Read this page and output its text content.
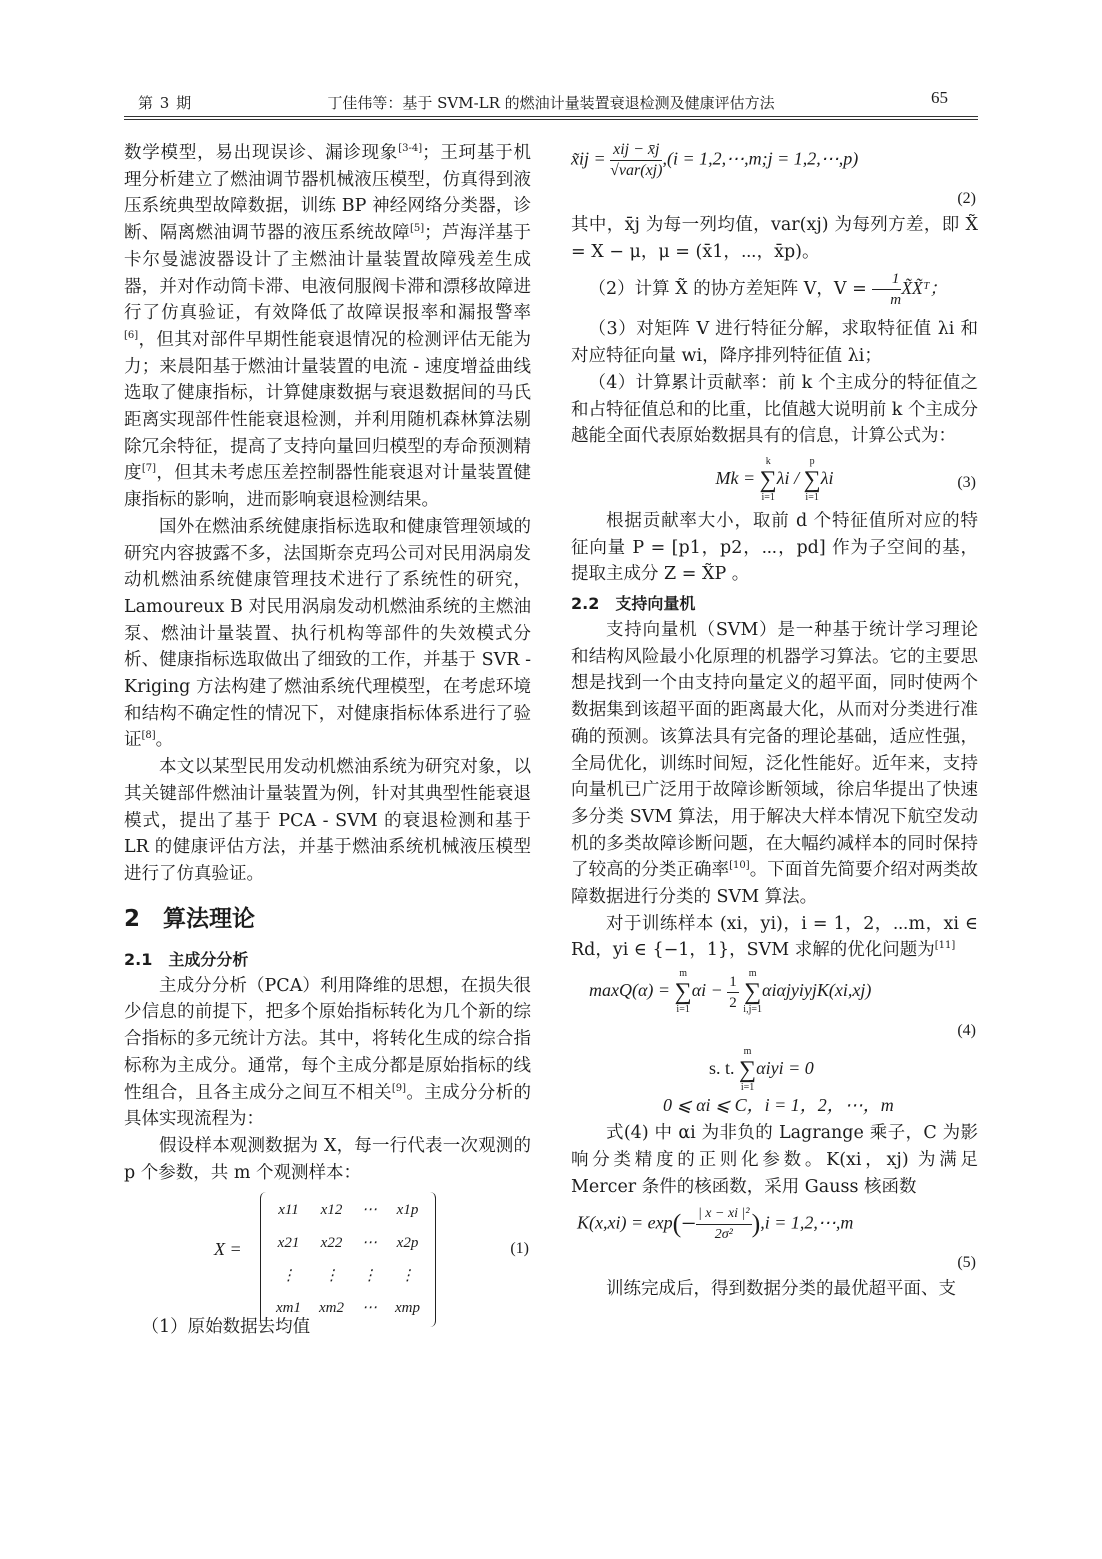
第 3 期	丁佳伟等：基于 SVM-LR 的燃油计量装置衰退检测及健康评估方法	65

数学模型，易出现误诊、漏诊现象[3-4]；王珂基于机理分析建立了燃油调节器机械液压模型，仿真得到液压系统典型故障数据，训练 BP 神经网络分类器，诊断、隔离燃油调节器的液压系统故障[5]；芦海洋基于卡尔曼滤波器设计了主燃油计量装置故障残差生成器，并对作动筒卡滞、电液伺服阀卡滞和漂移故障进行了仿真验证，有效降低了故障误报率和漏报警率[6]，但其对部件早期性能衰退情况的检测评估无能为力；来晨阳基于燃油计量装置的电流 - 速度增益曲线选取了健康指标，计算健康数据与衰退数据间的马氏距离实现部件性能衰退检测，并利用随机森林算法剔除冗余特征，提高了支持向量回归模型的寿命预测精度[7]，但其未考虑压差控制器性能衰退对计量装置健康指标的影响，进而影响衰退检测结果。

国外在燃油系统健康指标选取和健康管理领域的研究内容披露不多，法国斯奈克玛公司对民用涡扇发动机燃油系统健康管理技术进行了系统性的研究，Lamoureux B 对民用涡扇发动机燃油系统的主燃油泵、燃油计量装置、执行机构等部件的失效模式分析、健康指标选取做出了细致的工作，并基于 SVR - Kriging 方法构建了燃油系统代理模型，在考虑环境和结构不确定性的情况下，对健康指标体系进行了验证[8]。

本文以某型民用发动机燃油系统为研究对象，以其关键部件燃油计量装置为例，针对其典型性能衰退模式，提出了基于 PCA - SVM 的衰退检测和基于 LR 的健康评估方法，并基于燃油系统机械液压模型进行了仿真验证。

2　算法理论
2.1　主成分分析

主成分分析（PCA）利用降维的思想，在损失很少信息的前提下，把多个原始指标转化为几个新的综合指标的多元统计方法。其中，将转化生成的综合指标称为主成分。通常，每个主成分都是原始指标的线性组合，且各主成分之间互不相关[9]。主成分分析的具体实现流程为：

假设样本观测数据为 X，每一行代表一次观测的 p 个参数，共 m 个观测样本：

X =
x11	x12	⋯	x1p
x21	x22	⋯	x2p
⋮	⋮	⋮	⋮
xm1	xm2	⋯	xmp
(1)

（1）原始数据去均值

x̃ij = $\frac{\text{xij − x̄j}}{\text{√var(xj)}} ,(i$ = 1,2,⋯,m;j = 1,2,⋯,p)
(2)

其中，x̄j 为每一列均值，var(xj) 为每列方差，即 X̃ = X − μ，μ = (x̄1，⋯，x̄p)。

（2）计算 X̃ 的协方差矩阵 V，$V = \frac{1}{m}$ X̃X̃ᵀ；

（3）对矩阵 V 进行特征分解，求取特征值 λi 和对应特征向量 wi，降序排列特征值 λi；

（4）计算累计贡献率：前 k 个主成分的特征值之和占特征值总和的比重，比值越大说明前 k 个主成分越能全面代表原始数据具有的信息，计算公式为：

Mk = k
∑
i=1λi / p
∑
i=1λi	(3)

根据贡献率大小，取前 d 个特征值所对应的特征向量 P = [p1，p2，⋯，pd] 作为子空间的基，提取主成分 Z = X̃P 。

2.2　支持向量机

支持向量机（SVM）是一种基于统计学习理论和结构风险最小化原理的机器学习算法。它的主要思想是找到一个由支持向量定义的超平面，同时使两个数据集到该超平面的距离最大化，从而对分类进行准确的预测。该算法具有完备的理论基础，适应性强，全局优化，训练时间短，泛化性能好。近年来，支持向量机已广泛用于故障诊断领域，徐启华提出了快速多分类 SVM 算法，用于解决大样本情况下航空发动机的多类故障诊断问题，在大幅约减样本的同时保持了较高的分类正确率[10]。下面首先简要介绍对两类故障数据进行分类的 SVM 算法。

对于训练样本 (xi，yi)，i = 1，2，⋯m，xi ∈ Rd，yi ∈ {−1，1}，SVM 求解的优化问题为[11]

maxQ(α) = m
∑
$i=1\alpha i - \frac{1}{2}$ m
∑
i,j=1αiαjyiyjK(xi,xj)
(4)
s. t. m
∑
i=1αiyi = 0
0 ⩽ αi ⩽ C，i = 1，2，⋯，m

式(4) 中 αi 为非负的 Lagrange 乘子，C 为影响分类精度的正则化参数。K(xi，xj) 为满足 Mercer 条件的核函数，采用 Gauss 核函数

$K(x,xi) = \exp(- \frac{\text{| x − xi |²}}{\text{2σ²}} ),i$ = 1,2,⋯,m
(5)

训练完成后，得到数据分类的最优超平面、支
